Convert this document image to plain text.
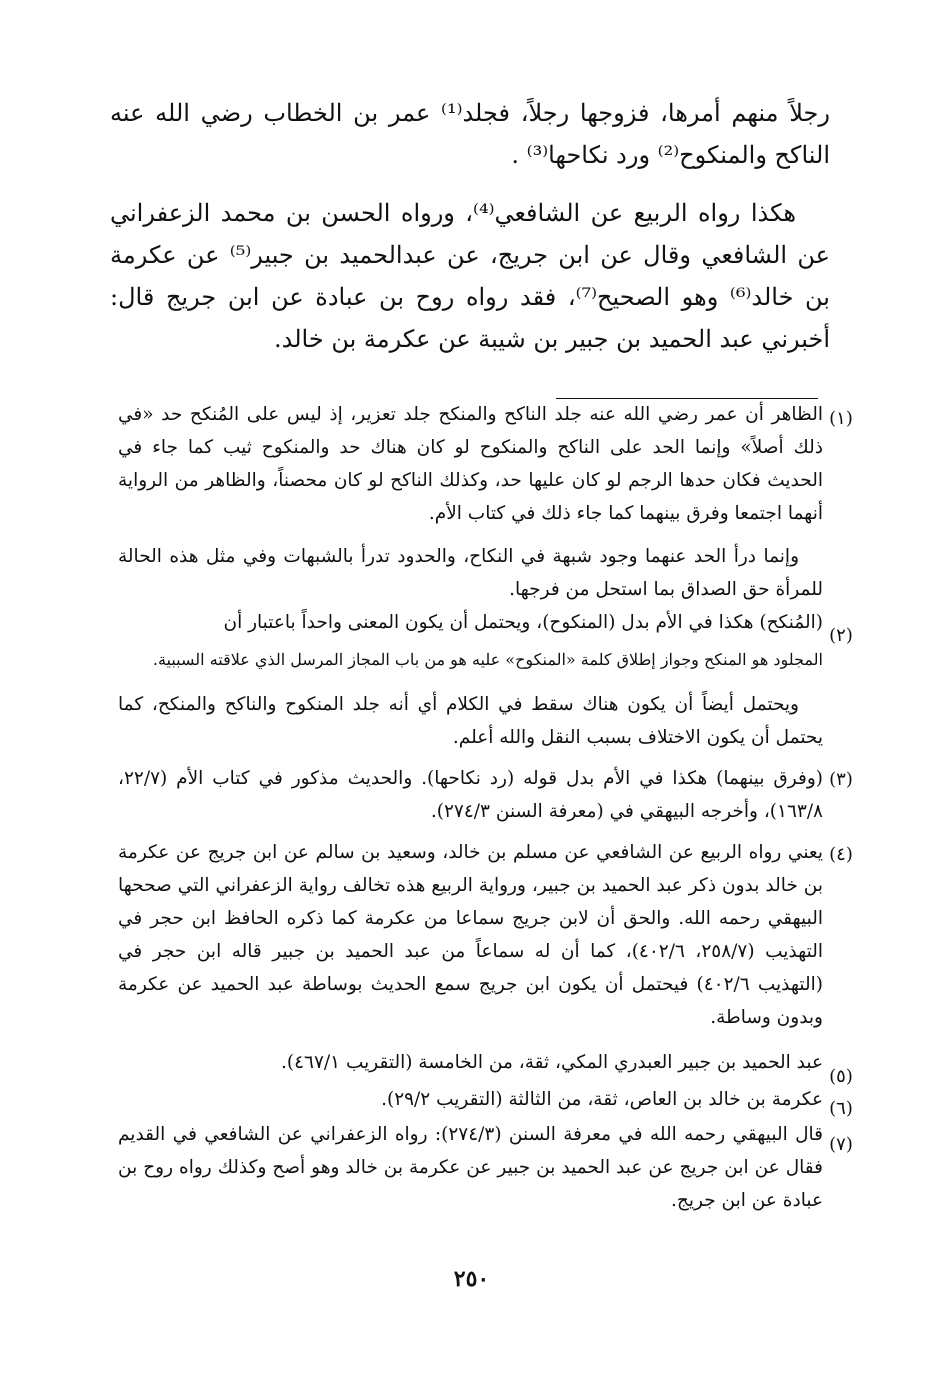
رجلاً منهم أمرها، فزوجها رجلاً، فجلد⁽¹⁾ عمر بن الخطاب رضي الله عنه الناكح والمنكوح⁽²⁾ ورد نكاحها⁽³⁾ .

هكذا رواه الربيع عن الشافعي⁽⁴⁾، ورواه الحسن بن محمد الزعفراني عن الشافعي وقال عن ابن جريج، عن عبدالحميد بن جبير⁽⁵⁾ عن عكرمة بن خالد⁽⁶⁾ وهو الصحيح⁽⁷⁾، فقد رواه روح بن عبادة عن ابن جريج قال: أخبرني عبد الحميد بن جبير بن شيبة عن عكرمة بن خالد.

(١)

الظاهر أن عمر رضي الله عنه جلد الناكح والمنكح جلد تعزير، إذ ليس على المُنكح حد «في ذلك أصلاً» وإنما الحد على الناكح والمنكوح لو كان هناك حد والمنكوح ثيب كما جاء في الحديث فكان حدها الرجم لو كان عليها حد، وكذلك الناكح لو كان محصناً، والظاهر من الرواية أنهما اجتمعا وفرق بينهما كما جاء ذلك في كتاب الأم.

وإنما درأ الحد عنهما وجود شبهة في النكاح، والحدود تدرأ بالشبهات وفي مثل هذه الحالة للمرأة حق الصداق بما استحل من فرجها.

(٢)

(المُنكح) هكذا في الأم بدل (المنكوح)، ويحتمل أن يكون المعنى واحداً باعتبار أن

المجلود هو المنكح وجواز إطلاق كلمة «المنكوح» عليه هو من باب المجاز المرسل الذي علاقته السببية.

ويحتمل أيضاً أن يكون هناك سقط في الكلام أي أنه جلد المنكوح والناكح والمنكح، كما يحتمل أن يكون الاختلاف بسبب النقل والله أعلم.

(٣)

(وفرق بينهما) هكذا في الأم بدل قوله (رد نكاحها). والحديث مذكور في كتاب الأم (٢٢/٧، ١٦٣/٨)، وأخرجه البيهقي في (معرفة السنن ٢٧٤/٣).

(٤)

يعني رواه الربيع عن الشافعي عن مسلم بن خالد، وسعيد بن سالم عن ابن جريج عن عكرمة بن خالد بدون ذكر عبد الحميد بن جبير، ورواية الربيع هذه تخالف رواية الزعفراني التي صححها البيهقي رحمه الله. والحق أن لابن جريج سماعا من عكرمة كما ذكره الحافظ ابن حجر في التهذيب (٢٥٨/٧، ٤٠٢/٦)، كما أن له سماعاً من عبد الحميد بن جبير قاله ابن حجر في (التهذيب ٤٠٢/٦) فيحتمل أن يكون ابن جريج سمع الحديث بوساطة عبد الحميد عن عكرمة وبدون وساطة.

(٥)

عبد الحميد بن جبير العبدري المكي، ثقة، من الخامسة (التقريب ٤٦٧/١).

(٦)

عكرمة بن خالد بن العاص، ثقة، من الثالثة (التقريب ٢٩/٢).

(٧)

قال البيهقي رحمه الله في معرفة السنن (٢٧٤/٣): رواه الزعفراني عن الشافعي في القديم فقال عن ابن جريج عن عبد الحميد بن جبير عن عكرمة بن خالد وهو أصح وكذلك رواه روح بن عبادة عن ابن جريج.

٢٥٠
